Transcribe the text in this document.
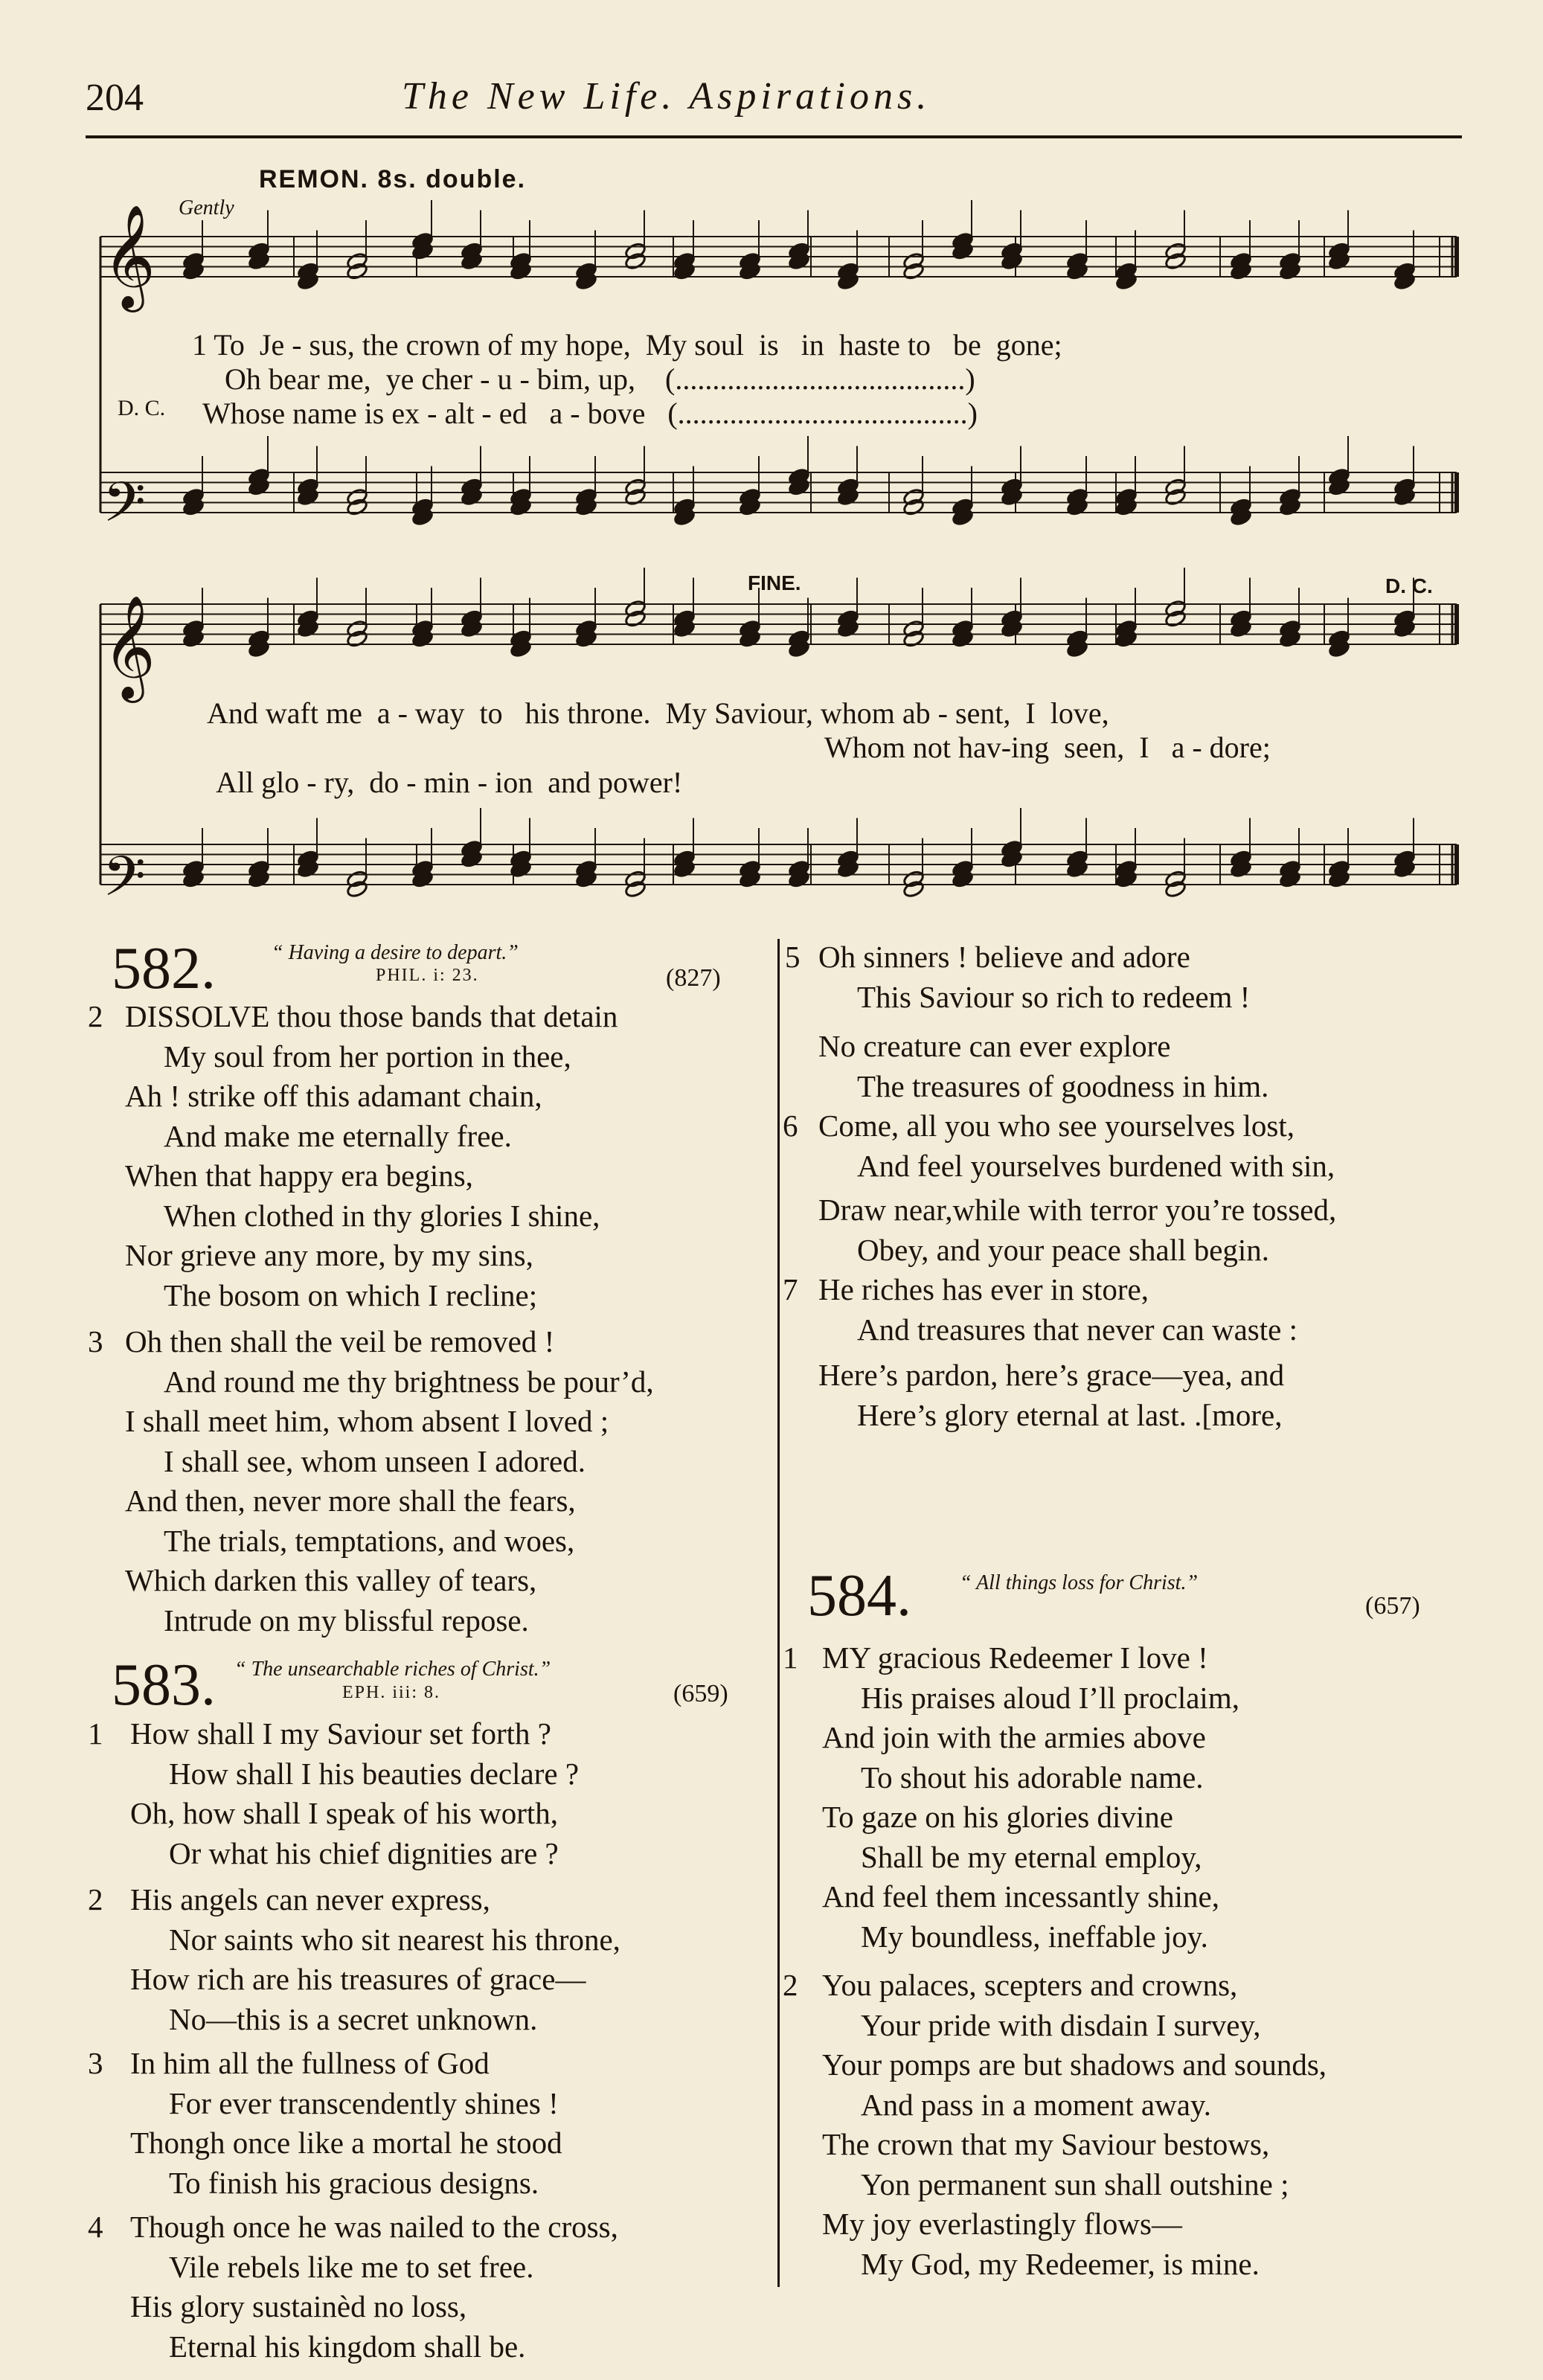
204	The New Life. Aspirations.
REMON. 8s. double.
Gently
𝄞
𝄢
𝄞
𝄢
FINE.	D. C.
1 To  Je - sus, the crown of my hope,  My soul  is   in  haste to   be  gone;
Oh bear me,  ye cher - u - bim, up,    (.......................................)
D. C. Whose name is ex - alt - ed   a - bove   (.......................................)
And waft me  a - way  to   his throne.  My Saviour, whom ab - sent,  I  love,
Whom not hav-ing  seen,  I   a - dore;
All glo - ry,  do - min - ion  and power!
582.	“ Having a desire to depart.”
PHIL. i: 23.	(827)
2 DISSOLVE thou those bands that detain
My soul from her portion in thee,
Ah ! strike off this adamant chain,
And make me eternally free.
When that happy era begins,
When clothed in thy glories I shine,
Nor grieve any more, by my sins,
The bosom on which I recline;
3 Oh then shall the veil be removed !
And round me thy brightness be pour’d,
I shall meet him, whom absent I loved ;
I shall see, whom unseen I adored.
And then, never more shall the fears,
The trials, temptations, and woes,
Which darken this valley of tears,
Intrude on my blissful repose.
583. “ The unsearchable riches of Christ.”
EPH. iii: 8.	(659)
1 How shall I my Saviour set forth ?
How shall I his beauties declare ?
Oh, how shall I speak of his worth,
Or what his chief dignities are ?
2 His angels can never express,
Nor saints who sit nearest his throne,
How rich are his treasures of grace—
No—this is a secret unknown.
3 In him all the fullness of God
For ever transcendently shines !
Thongh once like a mortal he stood
To finish his gracious designs.
4 Though once he was nailed to the cross,
Vile rebels like me to set free.
His glory sustainèd no loss,
Eternal his kingdom shall be.
5 Oh sinners ! believe and adore
This Saviour so rich to redeem !
No creature can ever explore
The treasures of goodness in him.
6 Come, all you who see yourselves lost,
And feel yourselves burdened with sin,
Draw near,while with terror you’re tossed,
Obey, and your peace shall begin.
7 He riches has ever in store,
And treasures that never can waste :
Here’s pardon, here’s grace—yea, and
Here’s glory eternal at last. .[more,
584. “ All things loss for Christ.”
(657)
1 MY gracious Redeemer I love !
His praises aloud I’ll proclaim,
And join with the armies above
To shout his adorable name.
To gaze on his glories divine
Shall be my eternal employ,
And feel them incessantly shine,
My boundless, ineffable joy.
2 You palaces, scepters and crowns,
Your pride with disdain I survey,
Your pomps are but shadows and sounds,
And pass in a moment away.
The crown that my Saviour bestows,
Yon permanent sun shall outshine ;
My joy everlastingly flows—
My God, my Redeemer, is mine.
